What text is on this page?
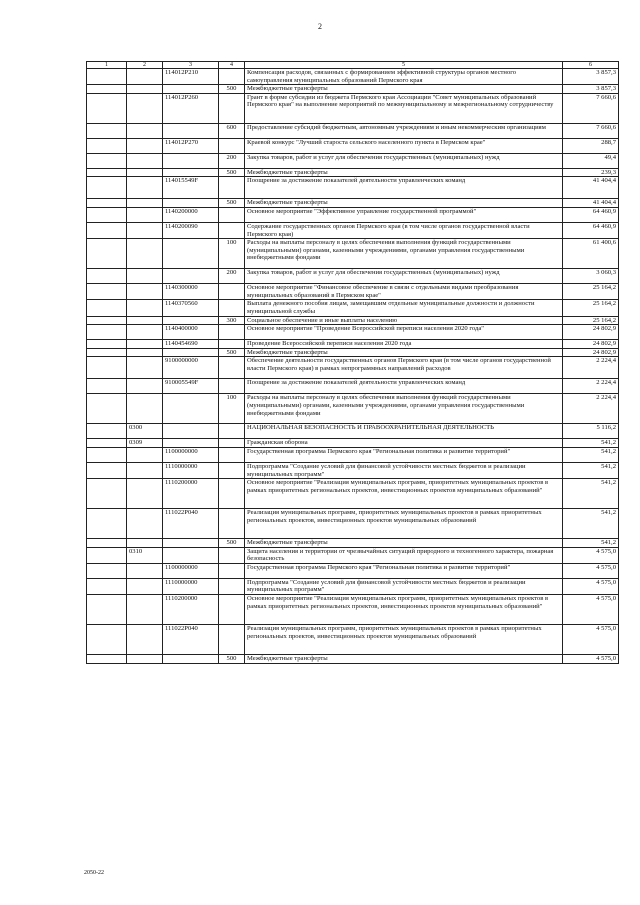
2
1	2	3	4	5	6
		114012Р210		Компенсация расходов, связанных с формированием эффективной структуры органов местного самоуправления муниципальных образований Пермского края	3 857,3
			500	Межбюджетные трансферты	3 857,3
		114012Р260		Грант в форме субсидии из бюджета Пермского края Ассоциации "Совет муниципальных образований Пермского края" на выполнение мероприятий по межмуниципальному и межрегиональному сотрудничеству	7 660,6
			600	Предоставление субсидий бюджетным, автономным учреждениям и иным некоммерческим организациям	7 660,6
		114012Р270		Краевой конкурс "Лучший староста сельского населенного пункта в Пермском крае"	288,7
			200	Закупка товаров, работ и услуг для обеспечения государственных (муниципальных) нужд	49,4
			500	Межбюджетные трансферты	239,3
		114015549F		Поощрение за достижение показателей деятельности управленческих команд	41 404,4
			500	Межбюджетные трансферты	41 404,4
		1140200000		Основное мероприятие "Эффективное управление государственной программой"	64 460,9
		1140200090		Содержание государственных органов Пермского края (в том числе органов государственной власти Пермского края)	64 460,9
			100	Расходы на выплаты персоналу в целях обеспечения выполнения функций государственными (муниципальными) органами, казенными учреждениями, органами управления государственными внебюджетными фондами	61 400,6
			200	Закупка товаров, работ и услуг для обеспечения государственных (муниципальных) нужд	3 060,3
		1140300000		Основное мероприятие "Финансовое обеспечение в связи с отдельными видами преобразования муниципальных образований в Пермском крае"	25 164,2
		1140370560		Выплата денежного пособия лицам, замещавшим отдельные муниципальные должности и должности муниципальной службы	25 164,2
			300	Социальное обеспечение и иные выплаты населению	25 164,2
		1140400000		Основное мероприятие "Проведение Всероссийской переписи населения 2020 года"	24 802,9
		1140454690		Проведение Всероссийской переписи населения 2020 года	24 802,9
			500	Межбюджетные трансферты	24 802,9
		9100000000		Обеспечение деятельности государственных органов Пермского края (в том числе органов государственной власти Пермского края) в рамках непрограммных направлений расходов	2 224,4
		910005549F		Поощрение за достижение показателей деятельности управленческих команд	2 224,4
			100	Расходы на выплаты персоналу в целях обеспечения выполнения функций государственными (муниципальными) органами, казенными учреждениями, органами управления государственными внебюджетными фондами	2 224,4
	0300			НАЦИОНАЛЬНАЯ БЕЗОПАСНОСТЬ И ПРАВООХРАНИТЕЛЬНАЯ ДЕЯТЕЛЬНОСТЬ	5 116,2
	0309			Гражданская оборона	541,2
		1100000000		Государственная программа Пермского края "Региональная политика и развитие территорий"	541,2
		1110000000		Подпрограмма "Создание условий для финансовой устойчивости местных бюджетов и реализации муниципальных программ"	541,2
		1110200000		Основное мероприятие "Реализация муниципальных программ, приоритетных муниципальных проектов в рамках приоритетных региональных проектов, инвестиционных проектов муниципальных образований"	541,2
		111022Р040		Реализация муниципальных программ, приоритетных муниципальных проектов в рамках приоритетных региональных проектов, инвестиционных проектов муниципальных образований	541,2
			500	Межбюджетные трансферты	541,2
	0310			Защита населения и территории от чрезвычайных ситуаций природного и техногенного характера, пожарная безопасность	4 575,0
		1100000000		Государственная программа Пермского края "Региональная политика и развитие территорий"	4 575,0
		1110000000		Подпрограмма "Создание условий для финансовой устойчивости местных бюджетов и реализации муниципальных программ"	4 575,0
		1110200000		Основное мероприятие "Реализация муниципальных программ, приоритетных муниципальных проектов в рамках приоритетных региональных проектов, инвестиционных проектов муниципальных образований"	4 575,0
		111022Р040		Реализация муниципальных программ, приоритетных муниципальных проектов в рамках приоритетных региональных проектов, инвестиционных проектов муниципальных образований	4 575,0
			500	Межбюджетные трансферты	4 575,0
2050-22
